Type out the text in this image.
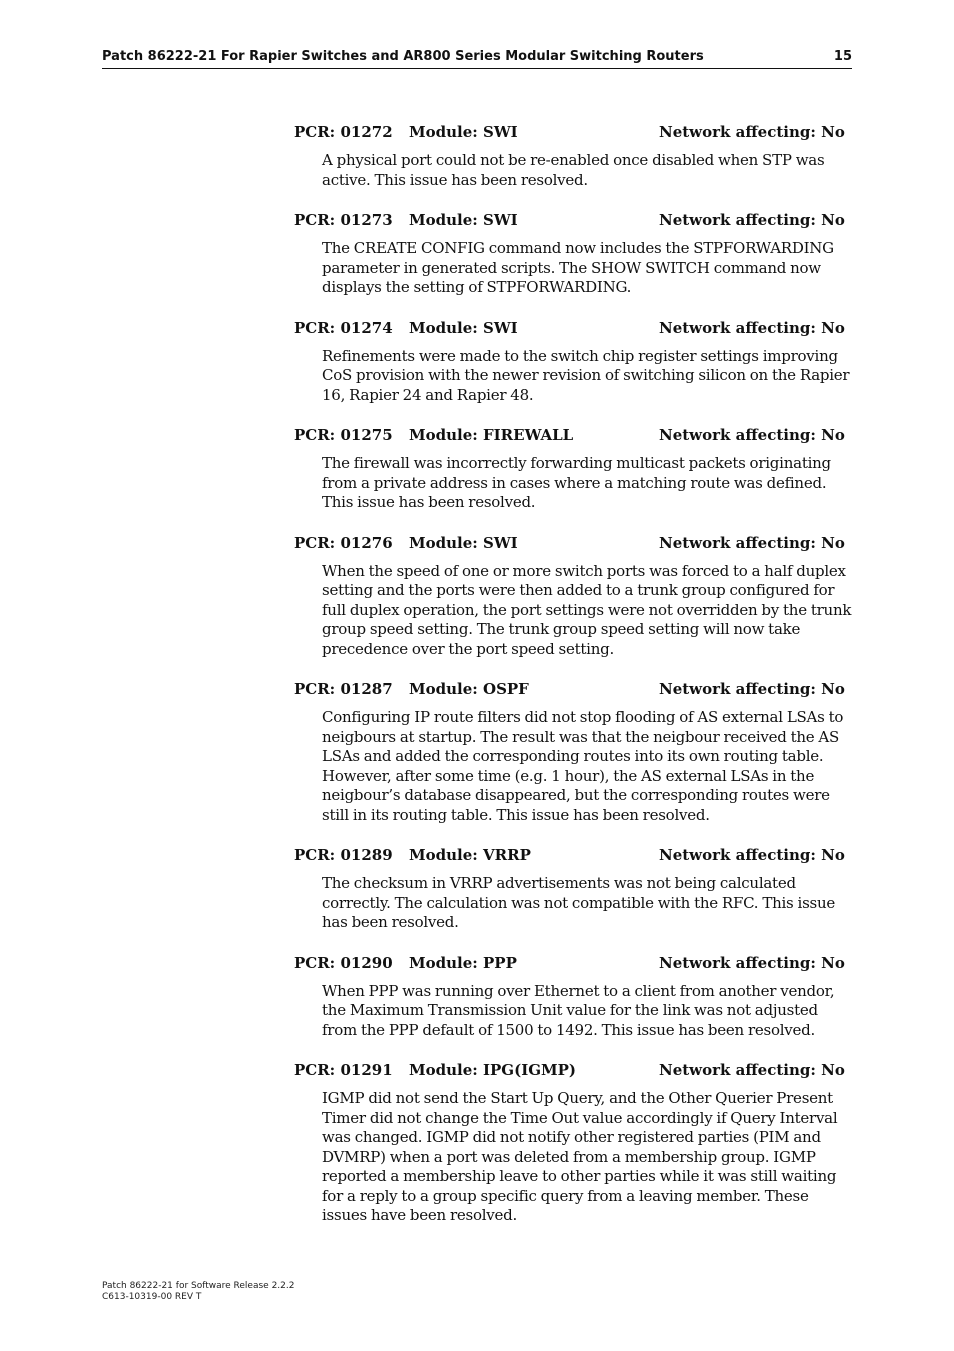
Patch 86222-21 For Rapier Switches and AR800 Series Modular Switching Routers	15
PCR: 01272 Module: SWI	Network affecting: No
A physical port could not be re-enabled once disabled when STP was active. This issue has been resolved.
PCR: 01273 Module: SWI	Network affecting: No
The CREATE CONFIG command now includes the STPFORWARDING parameter in generated scripts. The SHOW SWITCH command now displays the setting of STPFORWARDING.
PCR: 01274 Module: SWI	Network affecting: No
Refinements were made to the switch chip register settings improving CoS provision with the newer revision of switching silicon on the Rapier 16, Rapier 24 and Rapier 48.
PCR: 01275 Module: FIREWALL	Network affecting: No
The firewall was incorrectly forwarding multicast packets originating from a private address in cases where a matching route was defined. This issue has been resolved.
PCR: 01276 Module: SWI	Network affecting: No
When the speed of one or more switch ports was forced to a half duplex setting and the ports were then added to a trunk group configured for full duplex operation, the port settings were not overridden by the trunk group speed setting. The trunk group speed setting will now take precedence over the port speed setting.
PCR: 01287 Module: OSPF	Network affecting: No
Configuring IP route filters did not stop flooding of AS external LSAs to neigbours at startup. The result was that the neigbour received the AS LSAs and added the corresponding routes into its own routing table. However, after some time (e.g. 1 hour), the AS external LSAs in the neigbour’s database disappeared, but the corresponding routes were still in its routing table. This issue has been resolved.
PCR: 01289 Module: VRRP	Network affecting: No
The checksum in VRRP advertisements was not being calculated correctly. The calculation was not compatible with the RFC. This issue has been resolved.
PCR: 01290 Module: PPP	Network affecting: No
When PPP was running over Ethernet to a client from another vendor, the Maximum Transmission Unit value for the link was not adjusted from the PPP default of 1500 to 1492. This issue has been resolved.
PCR: 01291 Module: IPG(IGMP)	Network affecting: No
IGMP did not send the Start Up Query, and the Other Querier Present Timer did not change the Time Out value accordingly if Query Interval was changed. IGMP did not notify other registered parties (PIM and DVMRP) when a port was deleted from a membership group. IGMP reported a membership leave to other parties while it was still waiting for a reply to a group specific query from a leaving member. These issues have been resolved.
Patch 86222-21 for Software Release 2.2.2
C613-10319-00 REV T
